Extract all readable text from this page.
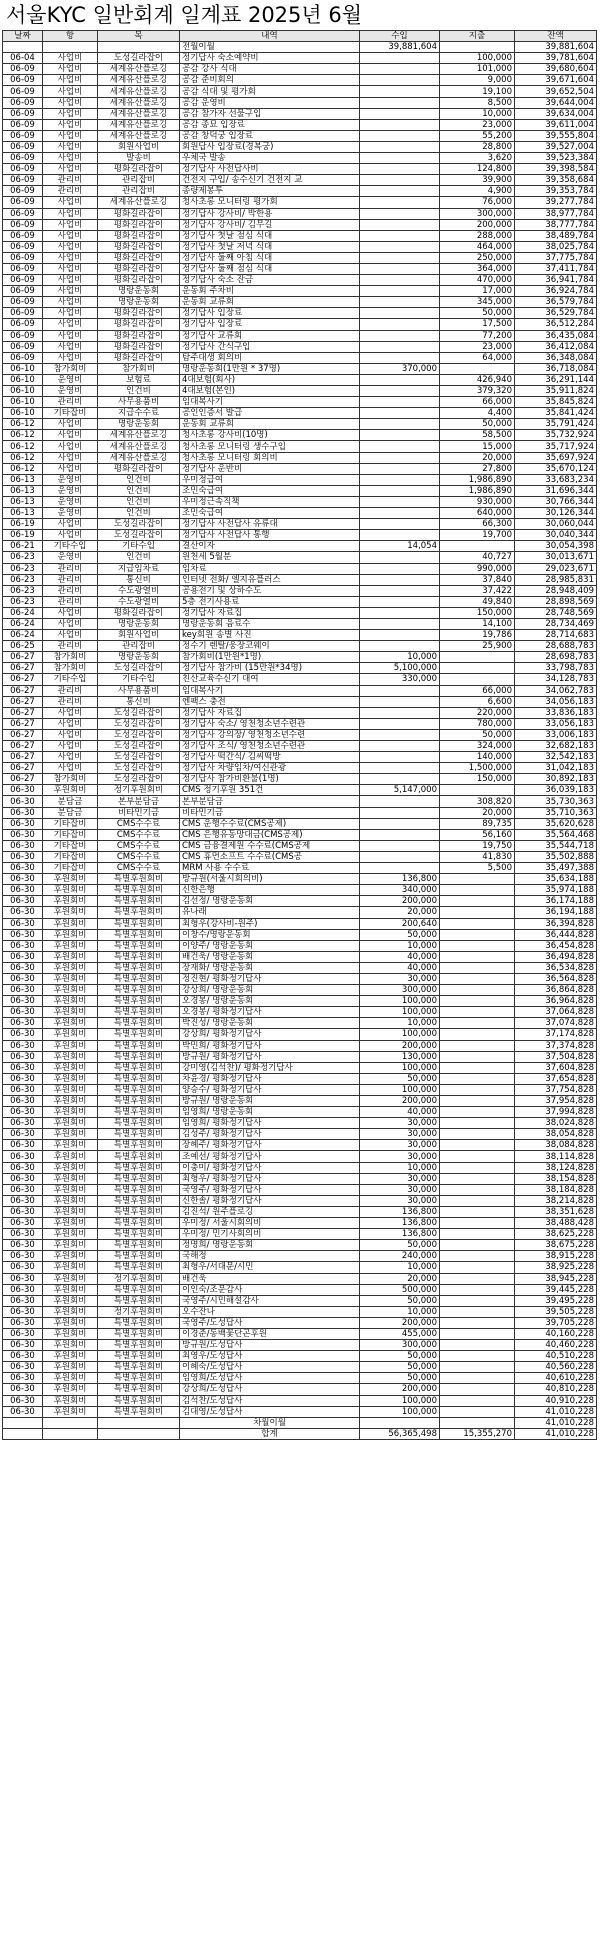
서울KYC 일반회계 일계표 2025년 6월
날짜	항	목	내역	수입	지출	잔액
			전월이월	39,881,604		39,881,604
06-04	사업비	도성길라잡이	정기답사 숙소예약비		100,000	39,781,604
06-09	사업비	세계유산플로깅	공감 강사 식대		101,000	39,680,604
06-09	사업비	세계유산플로깅	공감 준비회의		9,000	39,671,604
06-09	사업비	세계유산플로깅	공감 식대 및 평가회		19,100	39,652,504
06-09	사업비	세계유산플로깅	공감 운영비		8,500	39,644,004
06-09	사업비	세계유산플로깅	공감 참가자 선물구입		10,000	39,634,004
06-09	사업비	세계유산플로깅	공감 종묘 입장료		23,000	39,611,004
06-09	사업비	세계유산플로깅	공감 창덕궁 입장료		55,200	39,555,804
06-09	사업비	회원사업비	회원답사 입장료(경복궁)		28,800	39,527,004
06-09	사업비	발송비	우체국 발송		3,620	39,523,384
06-09	사업비	평화길라잡이	정기답사 사전답사비		124,800	39,398,584
06-09	관리비	관리잡비	건전지 구입/ 송수신기 건전지 교		39,900	39,358,684
06-09	관리비	관리잡비	종량제봉투		4,900	39,353,784
06-09	사업비	세계유산플로깅	청사초롱 모니터링 평가회		76,000	39,277,784
06-09	사업비	평화길라잡이	정기답사 강사비/ 박한용		300,000	38,977,784
06-09	사업비	평화길라잡이	정기답사 강사비/ 김무길		200,000	38,777,784
06-09	사업비	평화길라잡이	정기답사 첫날 점심 식대		288,000	38,489,784
06-09	사업비	평화길라잡이	정기답사 첫날 저녁 식대		464,000	38,025,784
06-09	사업비	평화길라잡이	정기답사 둘째 아침 식대		250,000	37,775,784
06-09	사업비	평화길라잡이	정기답사 둘째 점심 식대		364,000	37,411,784
06-09	사업비	평화길라잡이	정기답사 숙소 잔금		470,000	36,941,784
06-09	사업비	명랑운동회	운동회 주차비		17,000	36,924,784
06-09	사업비	명랑운동회	운동회 교류회		345,000	36,579,784
06-09	사업비	평화길라잡이	정기답사 입장료		50,000	36,529,784
06-09	사업비	평화길라잡이	정기답사 입장료		17,500	36,512,284
06-09	사업비	평화길라잡이	정기답사 교류회		77,200	36,435,084
06-09	사업비	평화길라잡이	정기답사 간식구입		23,000	36,412,084
06-09	사업비	평화길라잡이	탐주대생 회의비		64,000	36,348,084
06-10	참가회비	참가회비	명랑운동회(1만원 * 37명)	370,000		36,718,084
06-10	운영비	보험료	4대보험(회사)		426,940	36,291,144
06-10	운영비	인건비	4대보험(본인)		379,320	35,911,824
06-10	관리비	사무용품비	임대복사기		66,000	35,845,824
06-10	기타잡비	지급수수료	공인인증서 발급		4,400	35,841,424
06-12	사업비	명랑운동회	운동회 교류회		50,000	35,791,424
06-12	사업비	세계유산플로깅	청사초롱 강사비(10명)		58,500	35,732,924
06-12	사업비	세계유산플로깅	청사초롱 모니터링 생수구입		15,000	35,717,924
06-12	사업비	세계유산플로깅	청사초롱 모니터링 회의비		20,000	35,697,924
06-12	사업비	평화길라잡이	정기답사 운반비		27,800	35,670,124
06-13	운영비	인건비	우미정급여		1,986,890	33,683,234
06-13	운영비	인건비	조민숙급여		1,986,890	31,696,344
06-13	운영비	인건비	우미정근속직책		930,000	30,766,344
06-13	운영비	인건비	조민숙급여		640,000	30,126,344
06-19	사업비	도성길라잡이	정기답사 사전답사 유류대		66,300	30,060,044
06-19	사업비	도성길라잡이	정기답사 사전답사 통행		19,700	30,040,344
06-21	기타수입	기타수입	결산이자	14,054		30,054,398
06-23	운영비	인건비	원천세 5월분		40,727	30,013,671
06-23	관리비	지급임차료	임차료		990,000	29,023,671
06-23	관리비	통신비	인터넷 전화/ 엘지유플러스		37,840	28,985,831
06-23	관리비	수도광열비	공용전기 및 상하수도		37,422	28,948,409
06-23	관리비	수도광열비	5층 전기사용료		49,840	28,898,569
06-24	사업비	평화길라잡이	정기답사 자료집		150,000	28,748,569
06-24	사업비	명랑운동회	명랑운동회 음료수		14,100	28,734,469
06-24	사업비	회원사업비	key회원 송별 사진		19,786	28,714,683
06-25	관리비	관리잡비	정수기 렌탈/웅장코웨이		25,900	28,688,783
06-27	참가회비	명랑운동회	참가회비(1만원*1명)	10,000		28,698,783
06-27	참가회비	도성길라잡이	정기답사 참가비 (15만원*34명)	5,100,000		33,798,783
06-27	기타수입	기타수입	친산교육수신기 대여	330,000		34,128,783
06-27	관리비	사무용품비	임대복사기		66,000	34,062,783
06-27	관리비	통신비	엔팩스 충전		6,600	34,056,183
06-27	사업비	도성길라잡이	정기답사 자료집		220,000	33,836,183
06-27	사업비	도성길라잡이	정기답사 숙소/ 영천청소년수련관		780,000	33,056,183
06-27	사업비	도성길라잡이	정기답사 강의장/ 영천청소년수련		50,000	33,006,183
06-27	사업비	도성길라잡이	정기답사 조식/ 영천청소년수련관		324,000	32,682,183
06-27	사업비	도성길라잡이	정기답사 떡간식/ 김씨떡방		140,000	32,542,183
06-27	사업비	도성길라잡이	정기답사 차량임차/여신관광		1,500,000	31,042,183
06-27	참가회비	도성길라잡이	정기답사 참가비환불(1명)		150,000	30,892,183
06-30	후원회비	정기후원회비	CMS 정기후원 351건	5,147,000		36,039,183
06-30	분담금	본부분담금	본부분담금		308,820	35,730,363
06-30	분담금	비타민기금	비타민기금		20,000	35,710,363
06-30	기타잡비	CMS수수료	CMS 운행수수료(CMS공제)		89,735	35,620,628
06-30	기타잡비	CMS수수료	CMS 은행유동망대금(CMS공제)		56,160	35,564,468
06-30	기타잡비	CMS수수료	CMS 금융결제원 수수료(CMS공제		19,750	35,544,718
06-30	기타잡비	CMS수수료	CMS 휴먼소프트 수수료(CMS공		41,830	35,502,888
06-30	기타잡비	CMS수수료	MRM 사용 수수료		5,500	35,497,388
06-30	후원회비	특별후원회비	방규원(서울시회의비)	136,800		35,634,188
06-30	후원회비	특별후원회비	신한은행	340,000		35,974,188
06-30	후원회비	특별후원회비	김선정/ 명랑운동회	200,000		36,174,188
06-30	후원회비	특별후원회비	유나래	20,000		36,194,188
06-30	후원회비	특별후원회비	최형우(강사비-원주)	200,640		36,394,828
06-30	후원회비	특별후원회비	이창수/명랑운동회	50,000		36,444,828
06-30	후원회비	특별후원회비	이양주/ 명랑운동회	10,000		36,454,828
06-30	후원회비	특별후원회비	배건욱/ 명랑운동회	40,000		36,494,828
06-30	후원회비	특별후원회비	장재화/ 명랑운동회	40,000		36,534,828
06-30	후원회비	특별후원회비	정진현/ 평화정기답사	30,000		36,564,828
06-30	후원회비	특별후원회비	강상희/ 명랑운동회	300,000		36,864,828
06-30	후원회비	특별후원회비	오경봉/ 명랑운동회	100,000		36,964,828
06-30	후원회비	특별후원회비	오경봉/ 평화정기답사	100,000		37,064,828
06-30	후원회비	특별후원회비	박진성/ 명랑운동회	10,000		37,074,828
06-30	후원회비	특별후원회비	강상희/ 평화정기답사	100,000		37,174,828
06-30	후원회비	특별후원회비	박민희/ 평화정기답사	200,000		37,374,828
06-30	후원회비	특별후원회비	방규원/ 평화정기답사	130,000		37,504,828
06-30	후원회비	특별후원회비	강미영(김석찬)/ 평화정기답사	100,000		37,604,828
06-30	후원회비	특별후원회비	차윤경/ 평화정기답사	50,000		37,654,828
06-30	후원회비	특별후원회비	양승수/ 평화정기답사	100,000		37,754,828
06-30	후원회비	특별후원회비	방규원/ 명랑운동회	200,000		37,954,828
06-30	후원회비	특별후원회비	임영희/ 명랑운동회	40,000		37,994,828
06-30	후원회비	특별후원회비	임영희/ 평화정기답사	30,000		38,024,828
06-30	후원회비	특별후원회비	김성주/ 평화정기답사	30,000		38,054,828
06-30	후원회비	특별후원회비	장혜주/ 평화정기답사	30,000		38,084,828
06-30	후원회비	특별후원회비	조예선/ 평화정기답사	30,000		38,114,828
06-30	후원회비	특별후원회비	이충미/ 평화정기답사	10,000		38,124,828
06-30	후원회비	특별후원회비	최형우/ 평화정기답사	30,000		38,154,828
06-30	후원회비	특별후원회비	국영주/ 평화정기답사	30,000		38,184,828
06-30	후원회비	특별후원회비	신한솔/ 평화정기답사	30,000		38,214,828
06-30	후원회비	특별후원회비	김진석/ 원주플로깅	136,800		38,351,628
06-30	후원회비	특별후원회비	우미정/ 서울시회의비	136,800		38,488,428
06-30	후원회비	특별후원회비	우미정/ 민기사회의비	136,800		38,625,228
06-30	후원회비	특별후원회비	정명희/ 명랑운동회	50,000		38,675,228
06-30	후원회비	특별후원회비	국해정	240,000		38,915,228
06-30	후원회비	특별후원회비	최형우/서대문/시민	10,000		38,925,228
06-30	후원회비	정기후원회비	배건욱	20,000		38,945,228
06-30	후원회비	특별후원회비	이인숙/조문감사	500,000		39,445,228
06-30	후원회비	특별후원회비	국영주/시민해설감사	50,000		39,495,228
06-30	후원회비	정기후원회비	오수잔나	10,000		39,505,228
06-30	후원회비	특별후원회비	국영주/도성답사	200,000		39,705,228
06-30	후원회비	특별후원회비	이경준/동백꽃단곤후원	455,000		40,160,228
06-30	후원회비	특별후원회비	방규원/도성답사	300,000		40,460,228
06-30	후원회비	특별후원회비	최영우/도성답사	50,000		40,510,228
06-30	후원회비	특별후원회비	이혜숙/도성답사	50,000		40,560,228
06-30	후원회비	특별후원회비	임영희/도성답사	50,000		40,610,228
06-30	후원회비	특별후원회비	강상희/도성답사	200,000		40,810,228
06-30	후원회비	특별후원회비	김석찬/도성답사	100,000		40,910,228
06-30	후원회비	특별후원회비	김대영/도성답사	100,000		41,010,228
			차월이월			41,010,228
			합계	56,365,498	15,355,270	41,010,228
